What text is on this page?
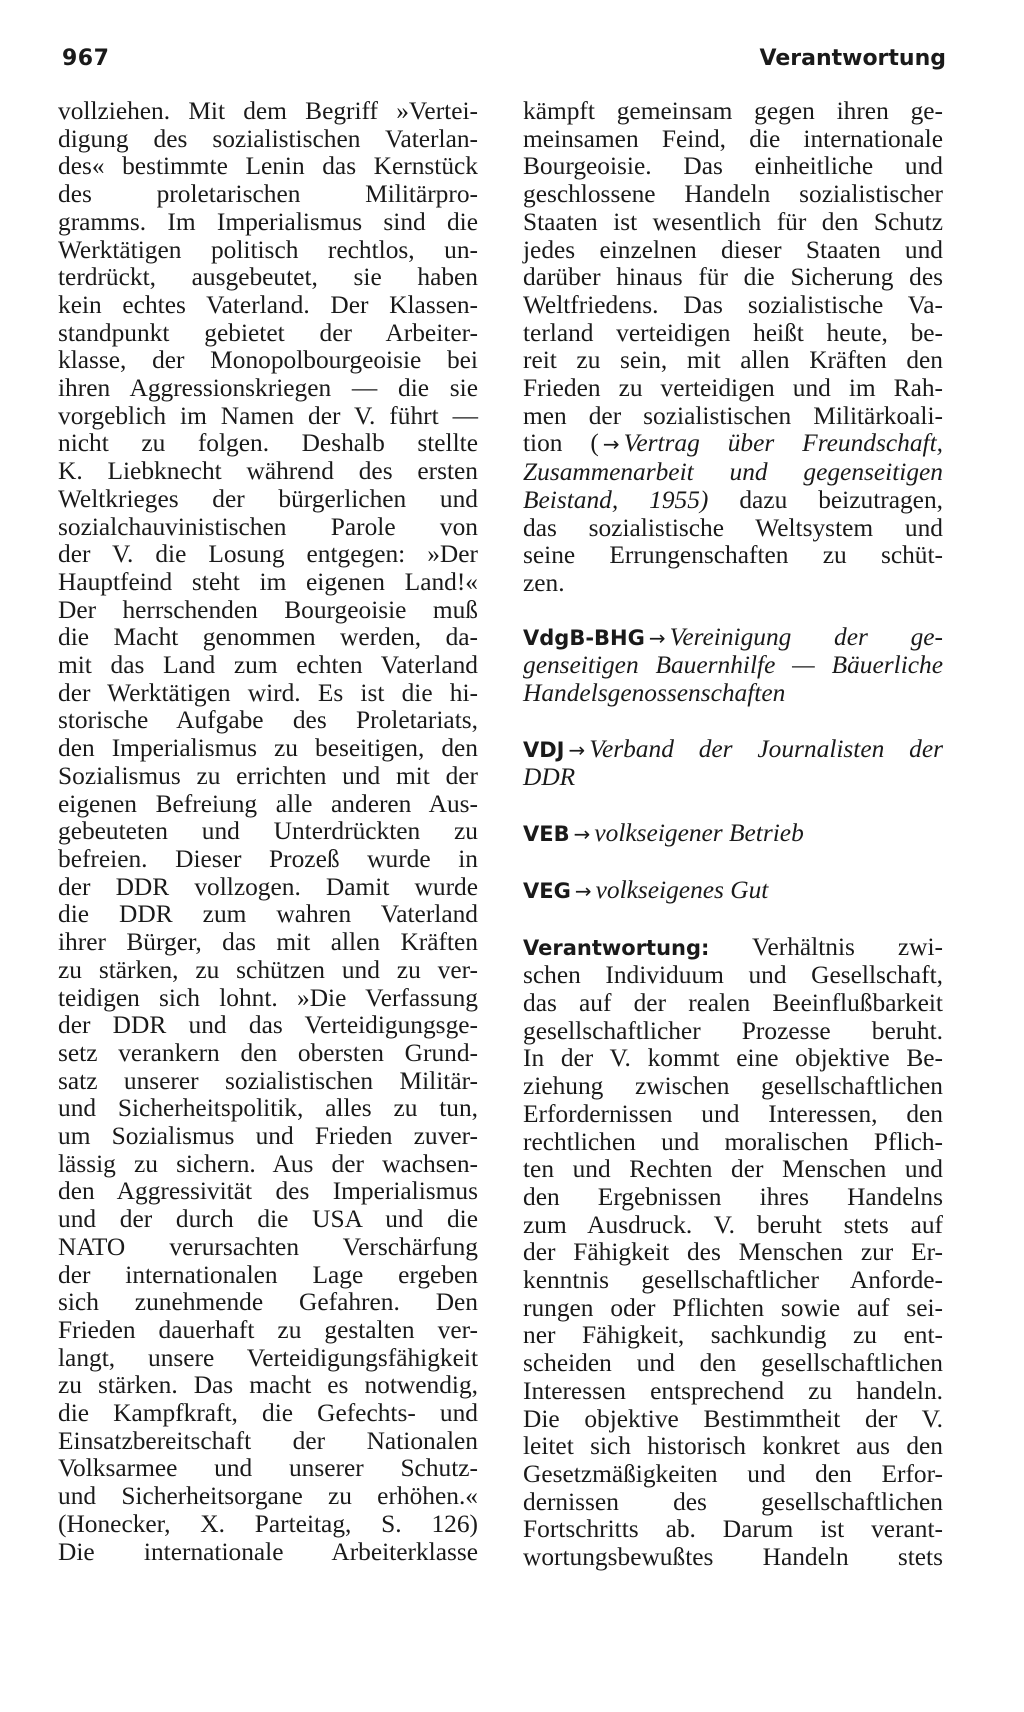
967	Verantwortung
vollziehen. Mit dem Begriff »Vertei-
digung des sozialistischen Vaterlan-
des« bestimmte Lenin das Kernstück
des proletarischen Militärpro-
gramms. Im Imperialismus sind die
Werktätigen politisch rechtlos, un-
terdrückt, ausgebeutet, sie haben
kein echtes Vaterland. Der Klassen-
standpunkt gebietet der Arbeiter-
klasse, der Monopolbourgeoisie bei
ihren Aggressionskriegen — die sie
vorgeblich im Namen der V. führt —
nicht zu folgen. Deshalb stellte
K. Liebknecht während des ersten
Weltkrieges der bürgerlichen und
sozialchauvinistischen Parole von
der V. die Losung entgegen: »Der
Hauptfeind steht im eigenen Land!«
Der herrschenden Bourgeoisie muß
die Macht genommen werden, da-
mit das Land zum echten Vaterland
der Werktätigen wird. Es ist die hi-
storische Aufgabe des Proletariats,
den Imperialismus zu beseitigen, den
Sozialismus zu errichten und mit der
eigenen Befreiung alle anderen Aus-
gebeuteten und Unterdrückten zu
befreien. Dieser Prozeß wurde in
der DDR vollzogen. Damit wurde
die DDR zum wahren Vaterland
ihrer Bürger, das mit allen Kräften
zu stärken, zu schützen und zu ver-
teidigen sich lohnt. »Die Verfassung
der DDR und das Verteidigungsge-
setz verankern den obersten Grund-
satz unserer sozialistischen Militär-
und Sicherheitspolitik, alles zu tun,
um Sozialismus und Frieden zuver-
lässig zu sichern. Aus der wachsen-
den Aggressivität des Imperialismus
und der durch die USA und die
NATO verursachten Verschärfung
der internationalen Lage ergeben
sich zunehmende Gefahren. Den
Frieden dauerhaft zu gestalten ver-
langt, unsere Verteidigungsfähigkeit
zu stärken. Das macht es notwendig,
die Kampfkraft, die Gefechts- und
Einsatzbereitschaft der Nationalen
Volksarmee und unserer Schutz-
und Sicherheitsorgane zu erhöhen.«
(Honecker, X. Parteitag, S. 126)
Die internationale Arbeiterklasse
kämpft gemeinsam gegen ihren ge-
meinsamen Feind, die internationale
Bourgeoisie. Das einheitliche und
geschlossene Handeln sozialistischer
Staaten ist wesentlich für den Schutz
jedes einzelnen dieser Staaten und
darüber hinaus für die Sicherung des
Weltfriedens. Das sozialistische Va-
terland verteidigen heißt heute, be-
reit zu sein, mit allen Kräften den
Frieden zu verteidigen und im Rah-
men der sozialistischen Militärkoali-
tion ( → Vertrag über Freundschaft,
Zusammenarbeit und gegenseitigen
Beistand, 1955) dazu beizutragen,
das sozialistische Weltsystem und
seine Errungenschaften zu schüt-
zen.
VdgB-BHG → Vereinigung der ge-
genseitigen Bauernhilfe — Bäuerliche
Handelsgenossenschaften
VDJ → Verband der Journalisten der
DDR
VEB → volkseigener Betrieb
VEG → volkseigenes Gut
Verantwortung: Verhältnis zwi-
schen Individuum und Gesellschaft,
das auf der realen Beeinflußbarkeit
gesellschaftlicher Prozesse beruht.
In der V. kommt eine objektive Be-
ziehung zwischen gesellschaftlichen
Erfordernissen und Interessen, den
rechtlichen und moralischen Pflich-
ten und Rechten der Menschen und
den Ergebnissen ihres Handelns
zum Ausdruck. V. beruht stets auf
der Fähigkeit des Menschen zur Er-
kenntnis gesellschaftlicher Anforde-
rungen oder Pflichten sowie auf sei-
ner Fähigkeit, sachkundig zu ent-
scheiden und den gesellschaftlichen
Interessen entsprechend zu handeln.
Die objektive Bestimmtheit der V.
leitet sich historisch konkret aus den
Gesetzmäßigkeiten und den Erfor-
dernissen des gesellschaftlichen
Fortschritts ab. Darum ist verant-
wortungsbewußtes Handeln stets
